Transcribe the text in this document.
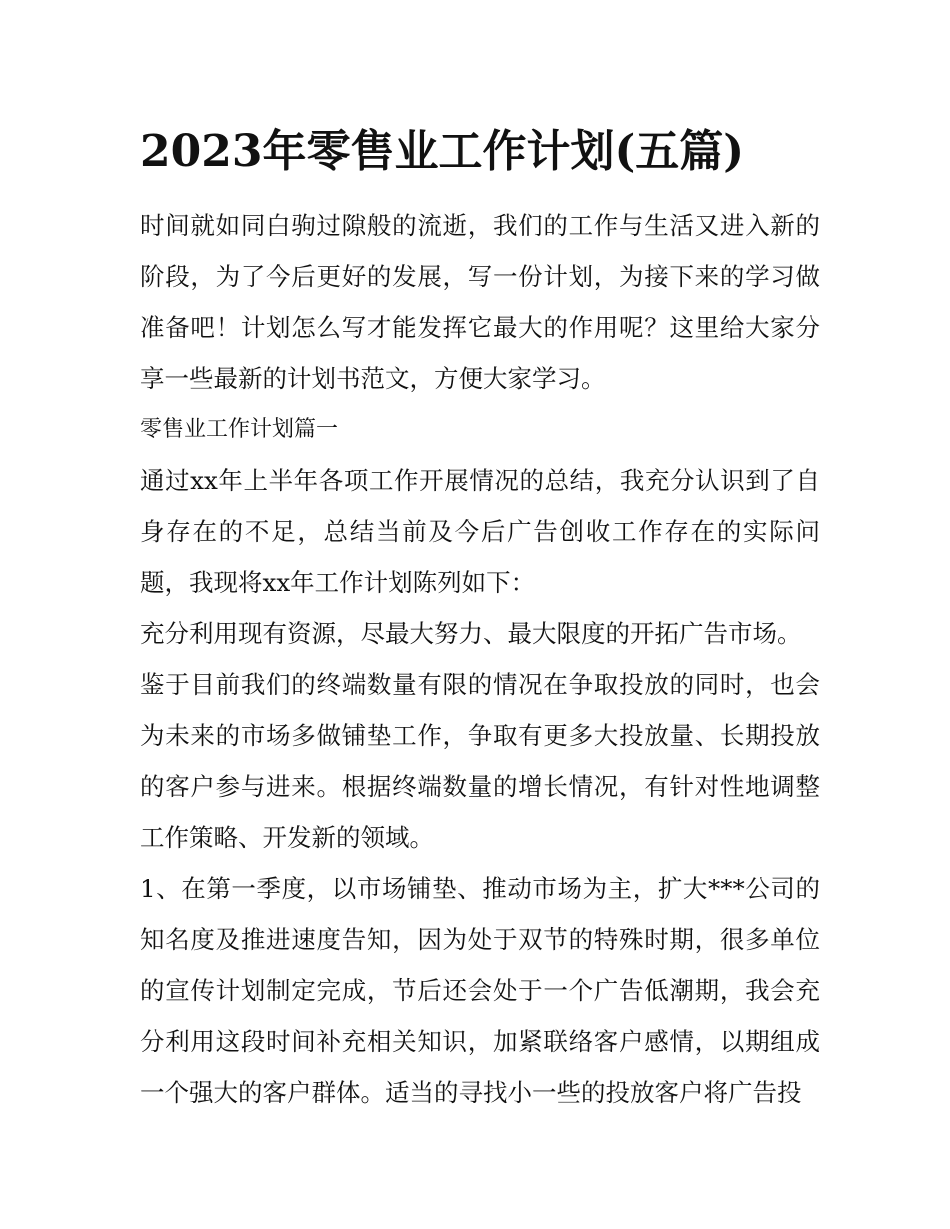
2023年零售业工作计划(五篇)

时间就如同白驹过隙般的流逝，我们的工作与生活又进入新的阶段，为了今后更好的发展，写一份计划，为接下来的学习做准备吧！计划怎么写才能发挥它最大的作用呢？这里给大家分享一些最新的计划书范文，方便大家学习。

零售业工作计划篇一

通过xx年上半年各项工作开展情况的总结，我充分认识到了自身存在的不足，总结当前及今后广告创收工作存在的实际问题，我现将xx年工作计划陈列如下：

充分利用现有资源，尽最大努力、最大限度的开拓广告市场。

鉴于目前我们的终端数量有限的情况在争取投放的同时，也会为未来的市场多做铺垫工作，争取有更多大投放量、长期投放的客户参与进来。根据终端数量的增长情况，有针对性地调整工作策略、开发新的领域。

1、在第一季度，以市场铺垫、推动市场为主，扩大***公司的知名度及推进速度告知，因为处于双节的特殊时期，很多单位的宣传计划制定完成，节后还会处于一个广告低潮期，我会充分利用这段时间补充相关知识，加紧联络客户感情，以期组成一个强大的客户群体。适当的寻找小一些的投放客户将广告投
